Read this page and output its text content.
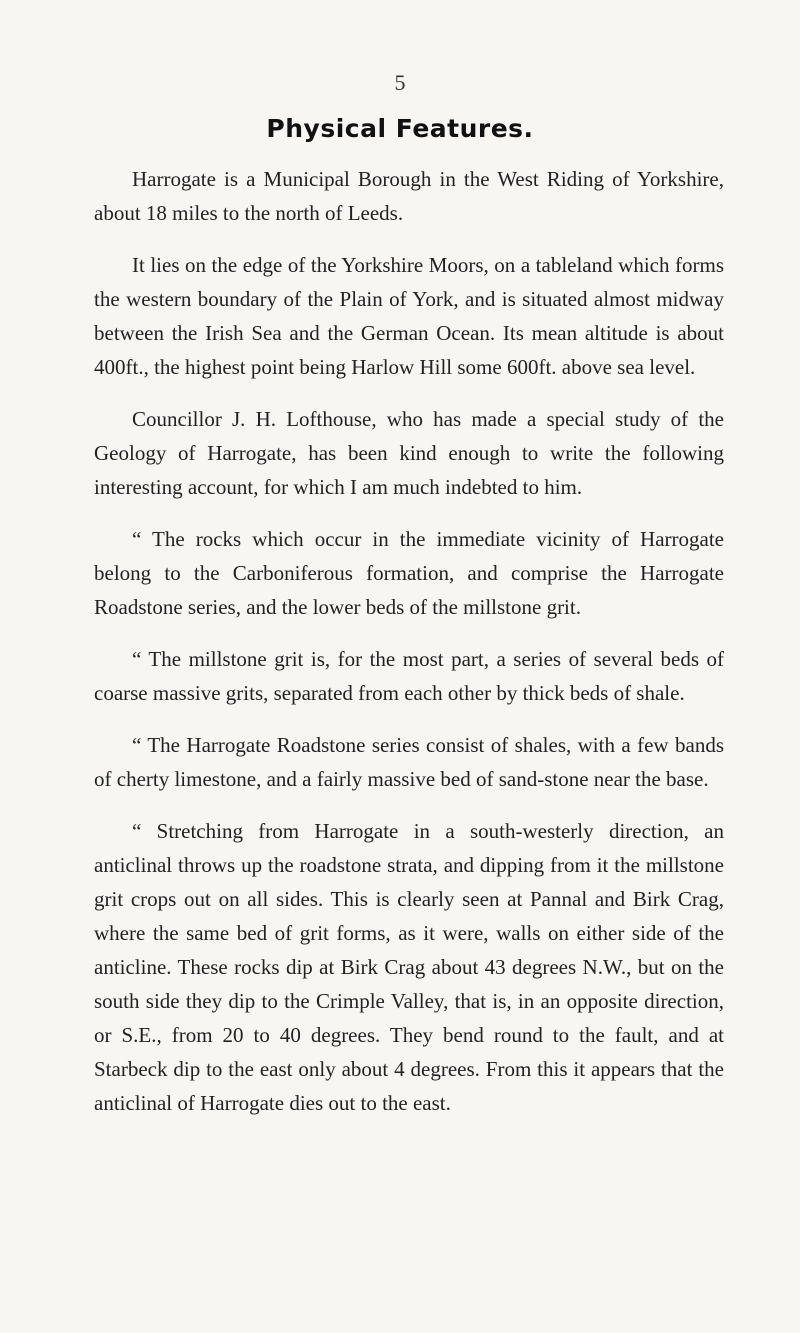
5
Physical Features.

Harrogate is a Municipal Borough in the West Riding of Yorkshire, about 18 miles to the north of Leeds.

It lies on the edge of the Yorkshire Moors, on a tableland which forms the western boundary of the Plain of York, and is situated almost midway between the Irish Sea and the German Ocean. Its mean altitude is about 400ft., the highest point being Harlow Hill some 600ft. above sea level.

Councillor J. H. Lofthouse, who has made a special study of the Geology of Harrogate, has been kind enough to write the following interesting account, for which I am much indebted to him.

“ The rocks which occur in the immediate vicinity of Harrogate belong to the Carboniferous formation, and comprise the Harrogate Roadstone series, and the lower beds of the millstone grit.

“ The millstone grit is, for the most part, a series of several beds of coarse massive grits, separated from each other by thick beds of shale.

“ The Harrogate Roadstone series consist of shales, with a few bands of cherty limestone, and a fairly massive bed of sand-stone near the base.

“ Stretching from Harrogate in a south-westerly direction, an anticlinal throws up the roadstone strata, and dipping from it the millstone grit crops out on all sides. This is clearly seen at Pannal and Birk Crag, where the same bed of grit forms, as it were, walls on either side of the anticline. These rocks dip at Birk Crag about 43 degrees N.W., but on the south side they dip to the Crimple Valley, that is, in an opposite direction, or S.E., from 20 to 40 degrees. They bend round to the fault, and at Starbeck dip to the east only about 4 degrees. From this it appears that the anticlinal of Harrogate dies out to the east.
